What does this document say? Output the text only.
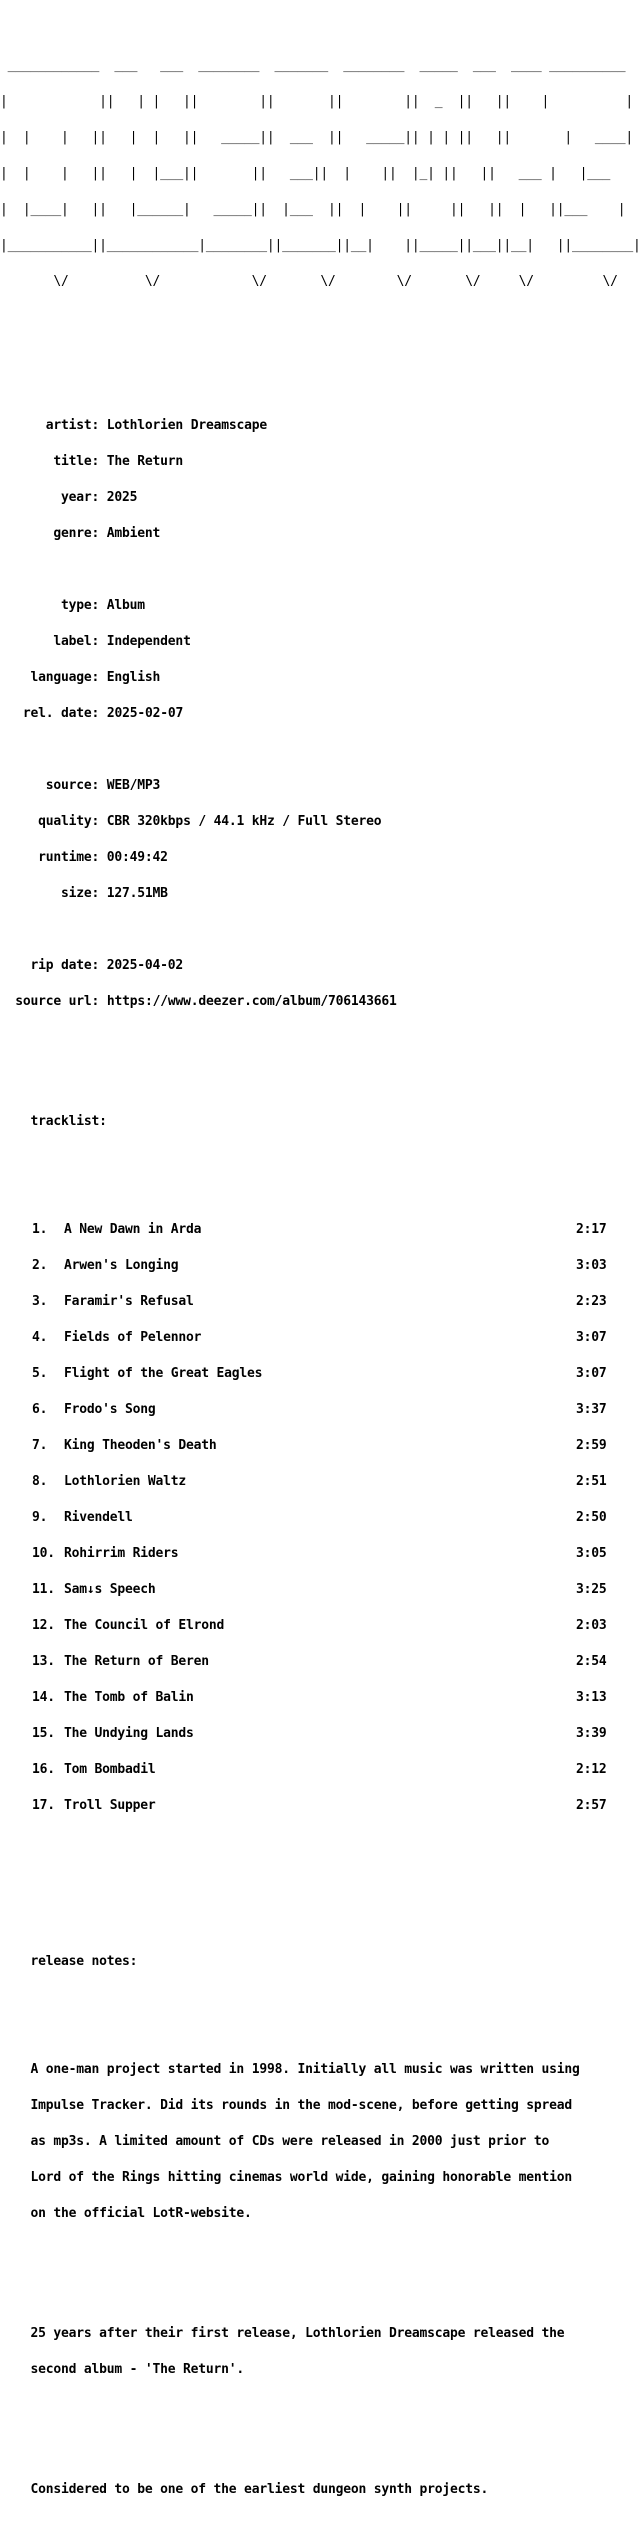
____________  ___   ___  ________  _______  ________  _____  ___  ____ __________

|            ||   | |   ||        ||       ||        ||  _  ||   ||    |          |

|  |    |   ||   |  |   ||   _____||  ___  ||   _____|| | | ||   ||       |   ____|

|  |    |   ||   |  |___||       ||   ___||  |    ||  |_| ||   ||   ___ |   |___

|  |____|   ||   |______|   _____||  |___  ||  |    ||     ||   ||  |   ||___    |

|___________||____________|________||_______||__|    ||_____||___||__|   ||________|

\/          \/            \/       \/        \/       \/     \/         \/

artist: Lothlorien Dreamscape

title: The Return

year: 2025

genre: Ambient

type: Album

label: Independent

language: English

rel. date: 2025-02-07

source: WEB/MP3

quality: CBR 320kbps / 44.1 kHz / Full Stereo

runtime: 00:49:42

size: 127.51MB

rip date: 2025-04-02

source url: https://www.deezer.com/album/706143661

tracklist:

1. A New Dawn in Arda	2:17

2. Arwen's Longing	3:03

3. Faramir's Refusal	2:23

4. Fields of Pelennor	3:07

5. Flight of the Great Eagles	3:07

6. Frodo's Song	3:37

7. King Theoden's Death	2:59

8. Lothlorien Waltz	2:51

9. Rivendell	2:50

10. Rohirrim Riders	3:05

11. Sam↓s Speech	3:25

12. The Council of Elrond	2:03

13. The Return of Beren	2:54

14. The Tomb of Balin	3:13

15. The Undying Lands	3:39

16. Tom Bombadil	2:12

17. Troll Supper	2:57

release notes:

A one-man project started in 1998. Initially all music was written using

Impulse Tracker. Did its rounds in the mod-scene, before getting spread

as mp3s. A limited amount of CDs were released in 2000 just prior to

Lord of the Rings hitting cinemas world wide, gaining honorable mention

on the official LotR-website.

25 years after their first release, Lothlorien Dreamscape released the

second album - 'The Return'.

Considered to be one of the earliest dungeon synth projects.
